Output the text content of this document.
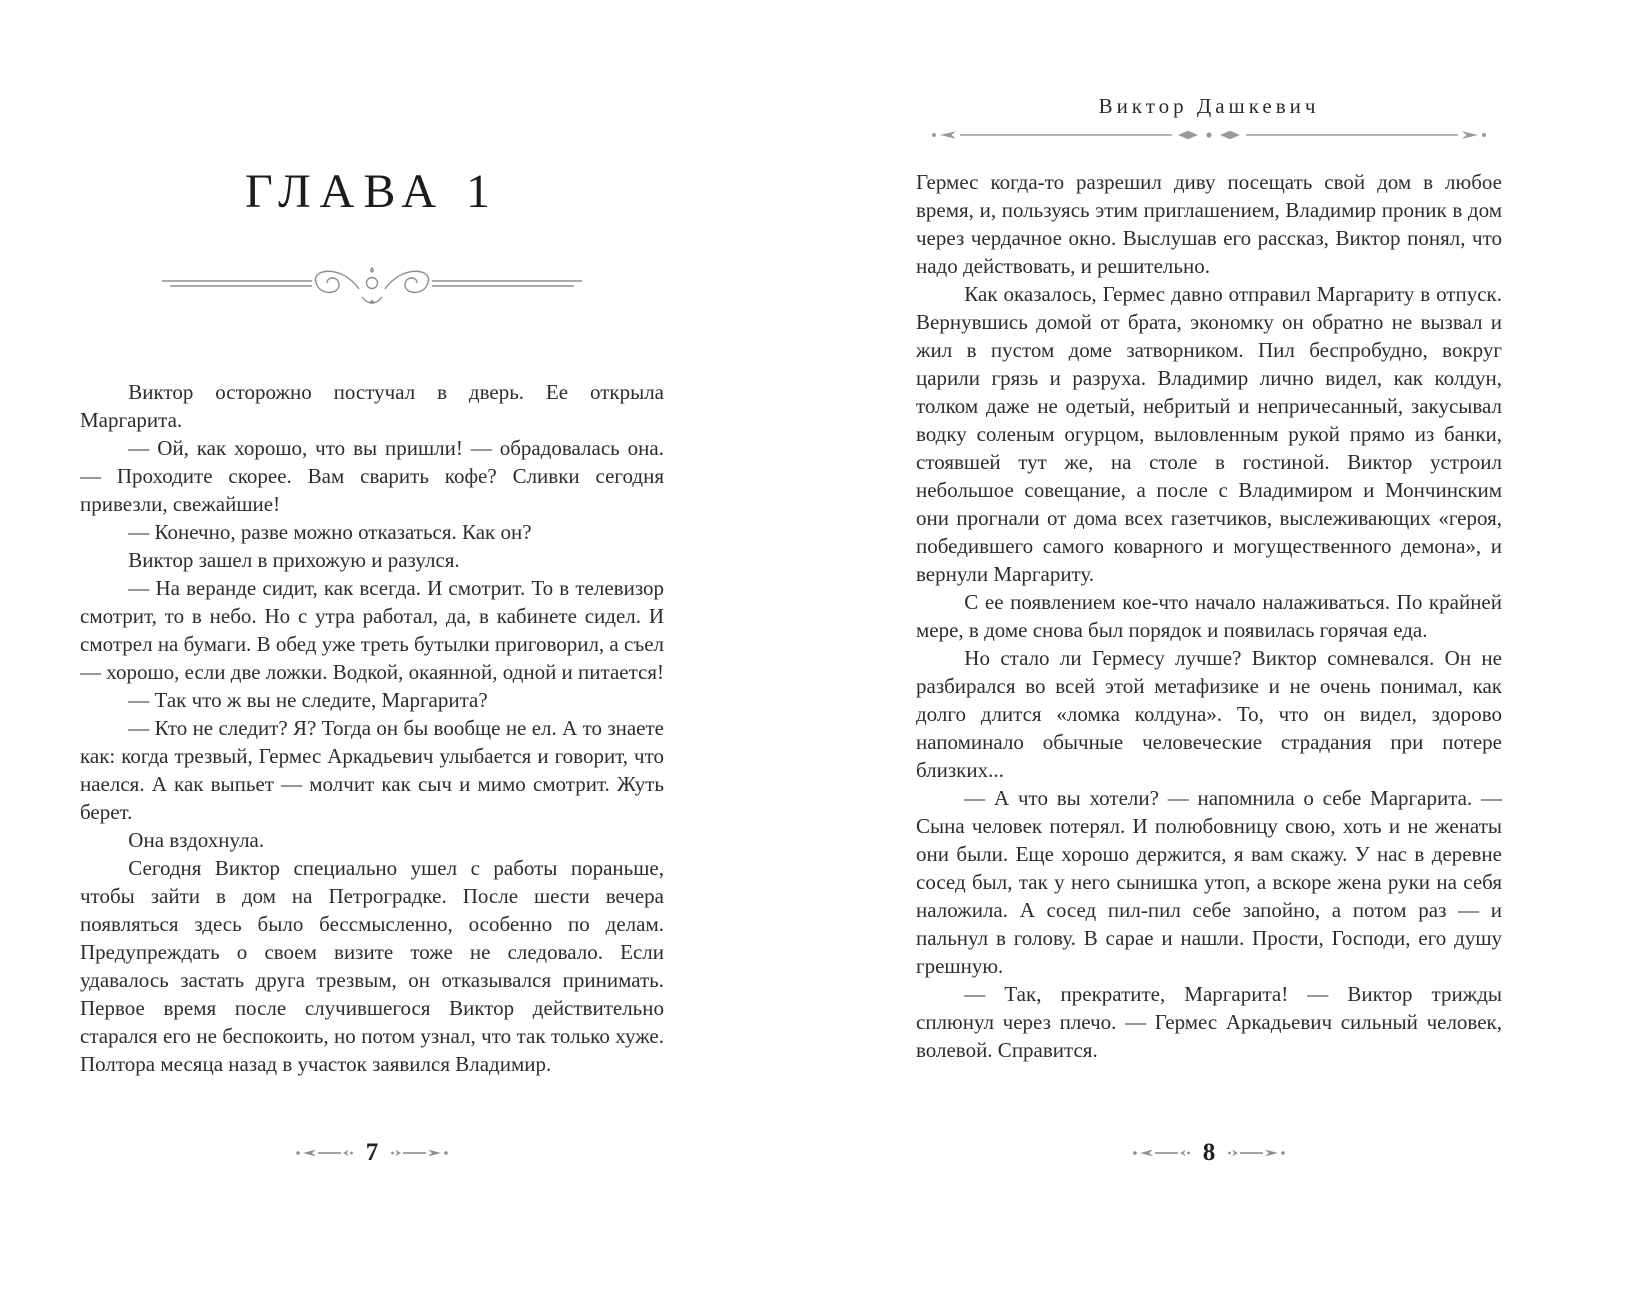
ГЛАВА 1

Виктор осторожно постучал в дверь. Ее открыла Маргарита.

— Ой, как хорошо, что вы пришли! — обрадовалась она. — Проходите скорее. Вам сварить кофе? Сливки сегодня привезли, свежайшие!

— Конечно, разве можно отказаться. Как он?

Виктор зашел в прихожую и разулся.

— На веранде сидит, как всегда. И смотрит. То в телевизор смотрит, то в небо. Но с утра работал, да, в кабинете сидел. И смотрел на бумаги. В обед уже треть бутылки приговорил, а съел — хорошо, если две ложки. Водкой, окаянной, одной и питается!

— Так что ж вы не следите, Маргарита?

— Кто не следит? Я? Тогда он бы вообще не ел. А то знаете как: когда трезвый, Гермес Аркадьевич улыбается и говорит, что наелся. А как выпьет — молчит как сыч и мимо смотрит. Жуть берет.

Она вздохнула.

Сегодня Виктор специально ушел с работы пораньше, чтобы зайти в дом на Петроградке. После шести вечера появляться здесь было бессмысленно, особенно по делам. Предупреждать о своем визите тоже не следовало. Если удавалось застать друга трезвым, он отказывался принимать. Первое время после случившегося Виктор действительно старался его не беспокоить, но потом узнал, что так только хуже. Полтора месяца назад в участок заявился Владимир.

7
Виктор Дашкевич

Гермес когда-то разрешил диву посещать свой дом в любое время, и, пользуясь этим приглашением, Владимир проник в дом через чердачное окно. Выслушав его рассказ, Виктор понял, что надо действовать, и решительно.

Как оказалось, Гермес давно отправил Маргариту в отпуск. Вернувшись домой от брата, экономку он обратно не вызвал и жил в пустом доме затворником. Пил беспробудно, вокруг царили грязь и разруха. Владимир лично видел, как колдун, толком даже не одетый, небритый и непричесанный, закусывал водку соленым огурцом, выловленным рукой прямо из банки, стоявшей тут же, на столе в гостиной. Виктор устроил небольшое совещание, а после с Владимиром и Мончинским они прогнали от дома всех газетчиков, выслеживающих «героя, победившего самого коварного и могущественного демона», и вернули Маргариту.

С ее появлением кое-что начало налаживаться. По крайней мере, в доме снова был порядок и появилась горячая еда.

Но стало ли Гермесу лучше? Виктор сомневался. Он не разбирался во всей этой метафизике и не очень понимал, как долго длится «ломка колдуна». То, что он видел, здорово напоминало обычные человеческие страдания при потере близких...

— А что вы хотели? — напомнила о себе Маргарита. — Сына человек потерял. И полюбовницу свою, хоть и не женаты они были. Еще хорошо держится, я вам скажу. У нас в деревне сосед был, так у него сынишка утоп, а вскоре жена руки на себя наложила. А сосед пил-пил себе запойно, а потом раз — и пальнул в голову. В сарае и нашли. Прости, Господи, его душу грешную.

— Так, прекратите, Маргарита! — Виктор трижды сплюнул через плечо. — Гермес Аркадьевич сильный человек, волевой. Справится.

8
